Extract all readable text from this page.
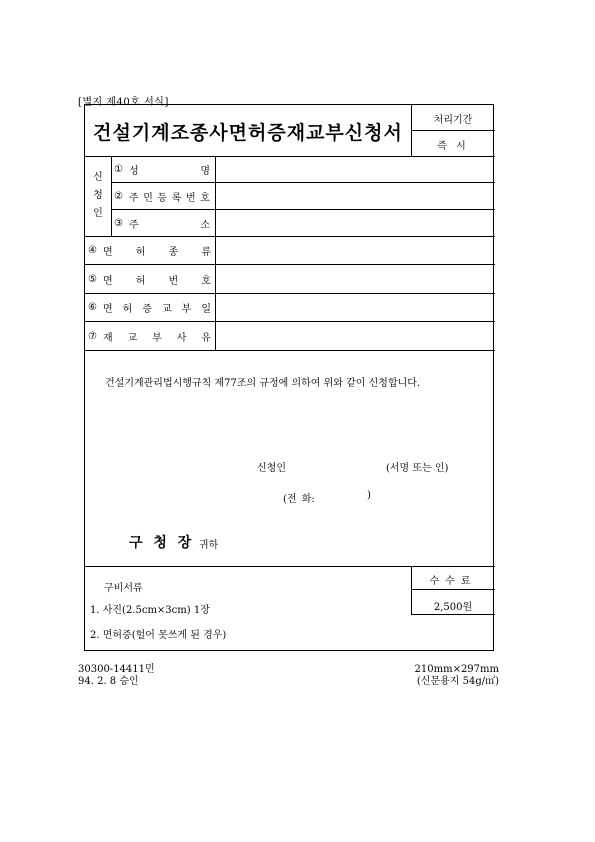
[별지 제40호 서식]
건설기계조종사면허증재교부신청서
처리기간
즉 시
신청인
① 성	명
② 주 민 등 록 번 호
③ 주	소
④ 면 허 종 류
⑤ 면 허 번 호
⑥ 면 허 증 교 부 일
⑦ 재 교 부 사 유
건설기계관리법시행규칙 제77조의 규정에 의하여 위와 같이 신청합니다.
신청인	(서명 또는 인)
(전 화:	)
구 청 장 귀하
구비서류
1. 사진(2.5cm×3cm) 1장
2. 면허증(헐어 못쓰게 된 경우)
수수료
2,500원
30300-14411민
94. 2. 8 승인
210mm×297mm
(신문용지 54g/㎡)
